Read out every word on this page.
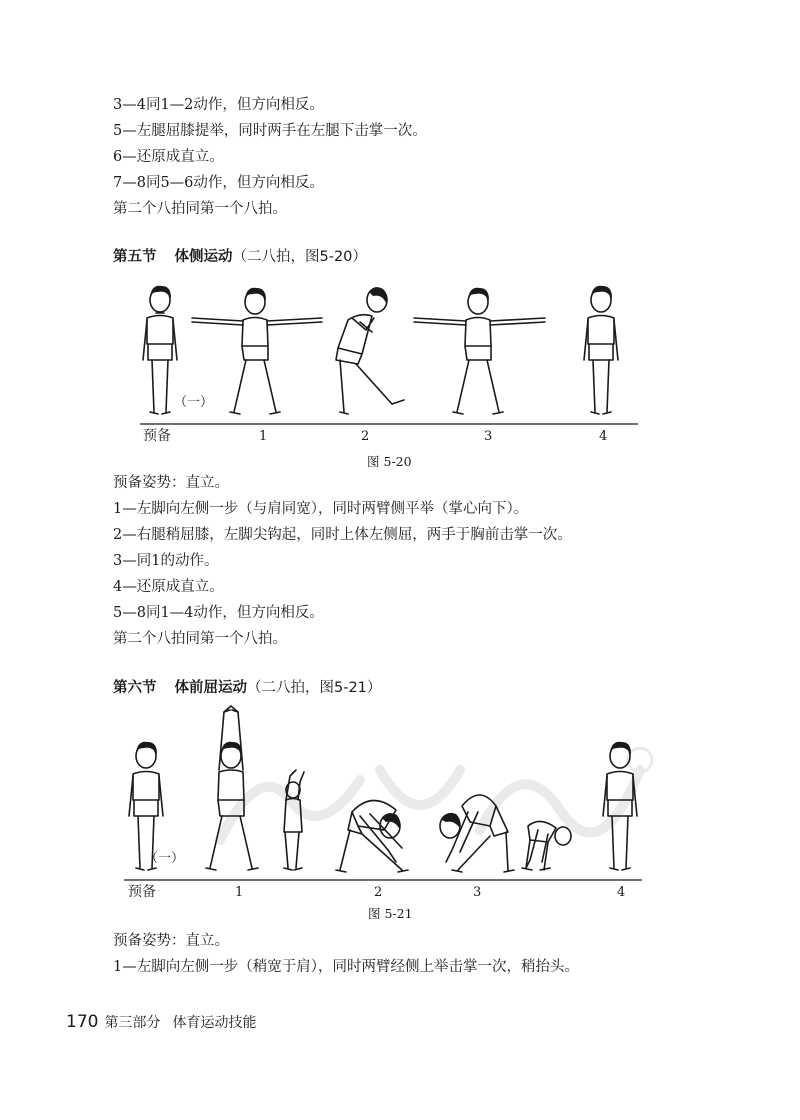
3—4同1—2动作，但方向相反。
5—左腿屈膝提举，同时两手在左腿下击掌一次。
6—还原成直立。
7—8同5—6动作，但方向相反。
第二个八拍同第一个八拍。
第五节 体侧运动（二八拍，图5-20）
（一）
预备	1	2	3	4
图 5-20
预备姿势：直立。
1—左脚向左侧一步（与肩同宽），同时两臂侧平举（掌心向下）。
2—右腿稍屈膝，左脚尖钩起，同时上体左侧屈，两手于胸前击掌一次。
3—同1的动作。
4—还原成直立。
5—8同1—4动作，但方向相反。
第二个八拍同第一个八拍。
第六节 体前屈运动（二八拍，图5-21）
（一）
预备	1	2	3	4
图 5-21
预备姿势：直立。
1—左脚向左侧一步（稍宽于肩），同时两臂经侧上举击掌一次，稍抬头。
170 第三部分 体育运动技能
